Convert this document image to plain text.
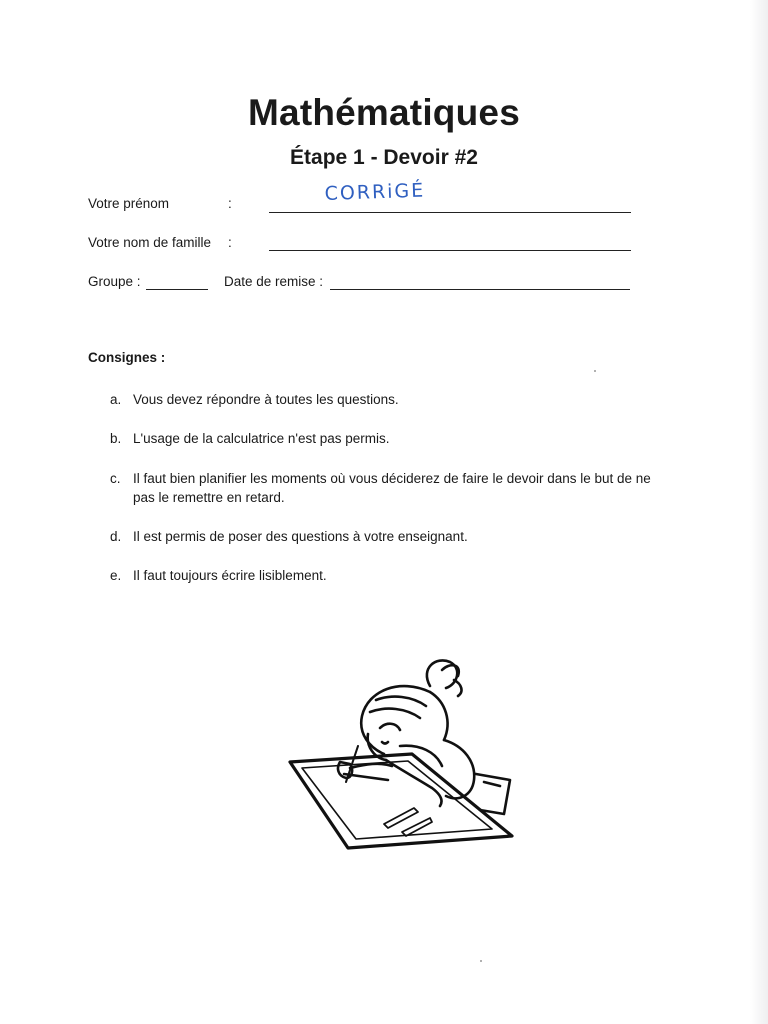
Mathématiques
Étape 1 - Devoir #2
Votre prénom	:	CORRiGÉ
Votre nom de famille :
Groupe :	Date de remise :
Consignes :
a. Vous devez répondre à toutes les questions.
b. L'usage de la calculatrice n'est pas permis.
c. Il faut bien planifier les moments où vous déciderez de faire le devoir dans le but de ne pas le remettre en retard.
d. Il est permis de poser des questions à votre enseignant.
e. Il faut toujours écrire lisiblement.
